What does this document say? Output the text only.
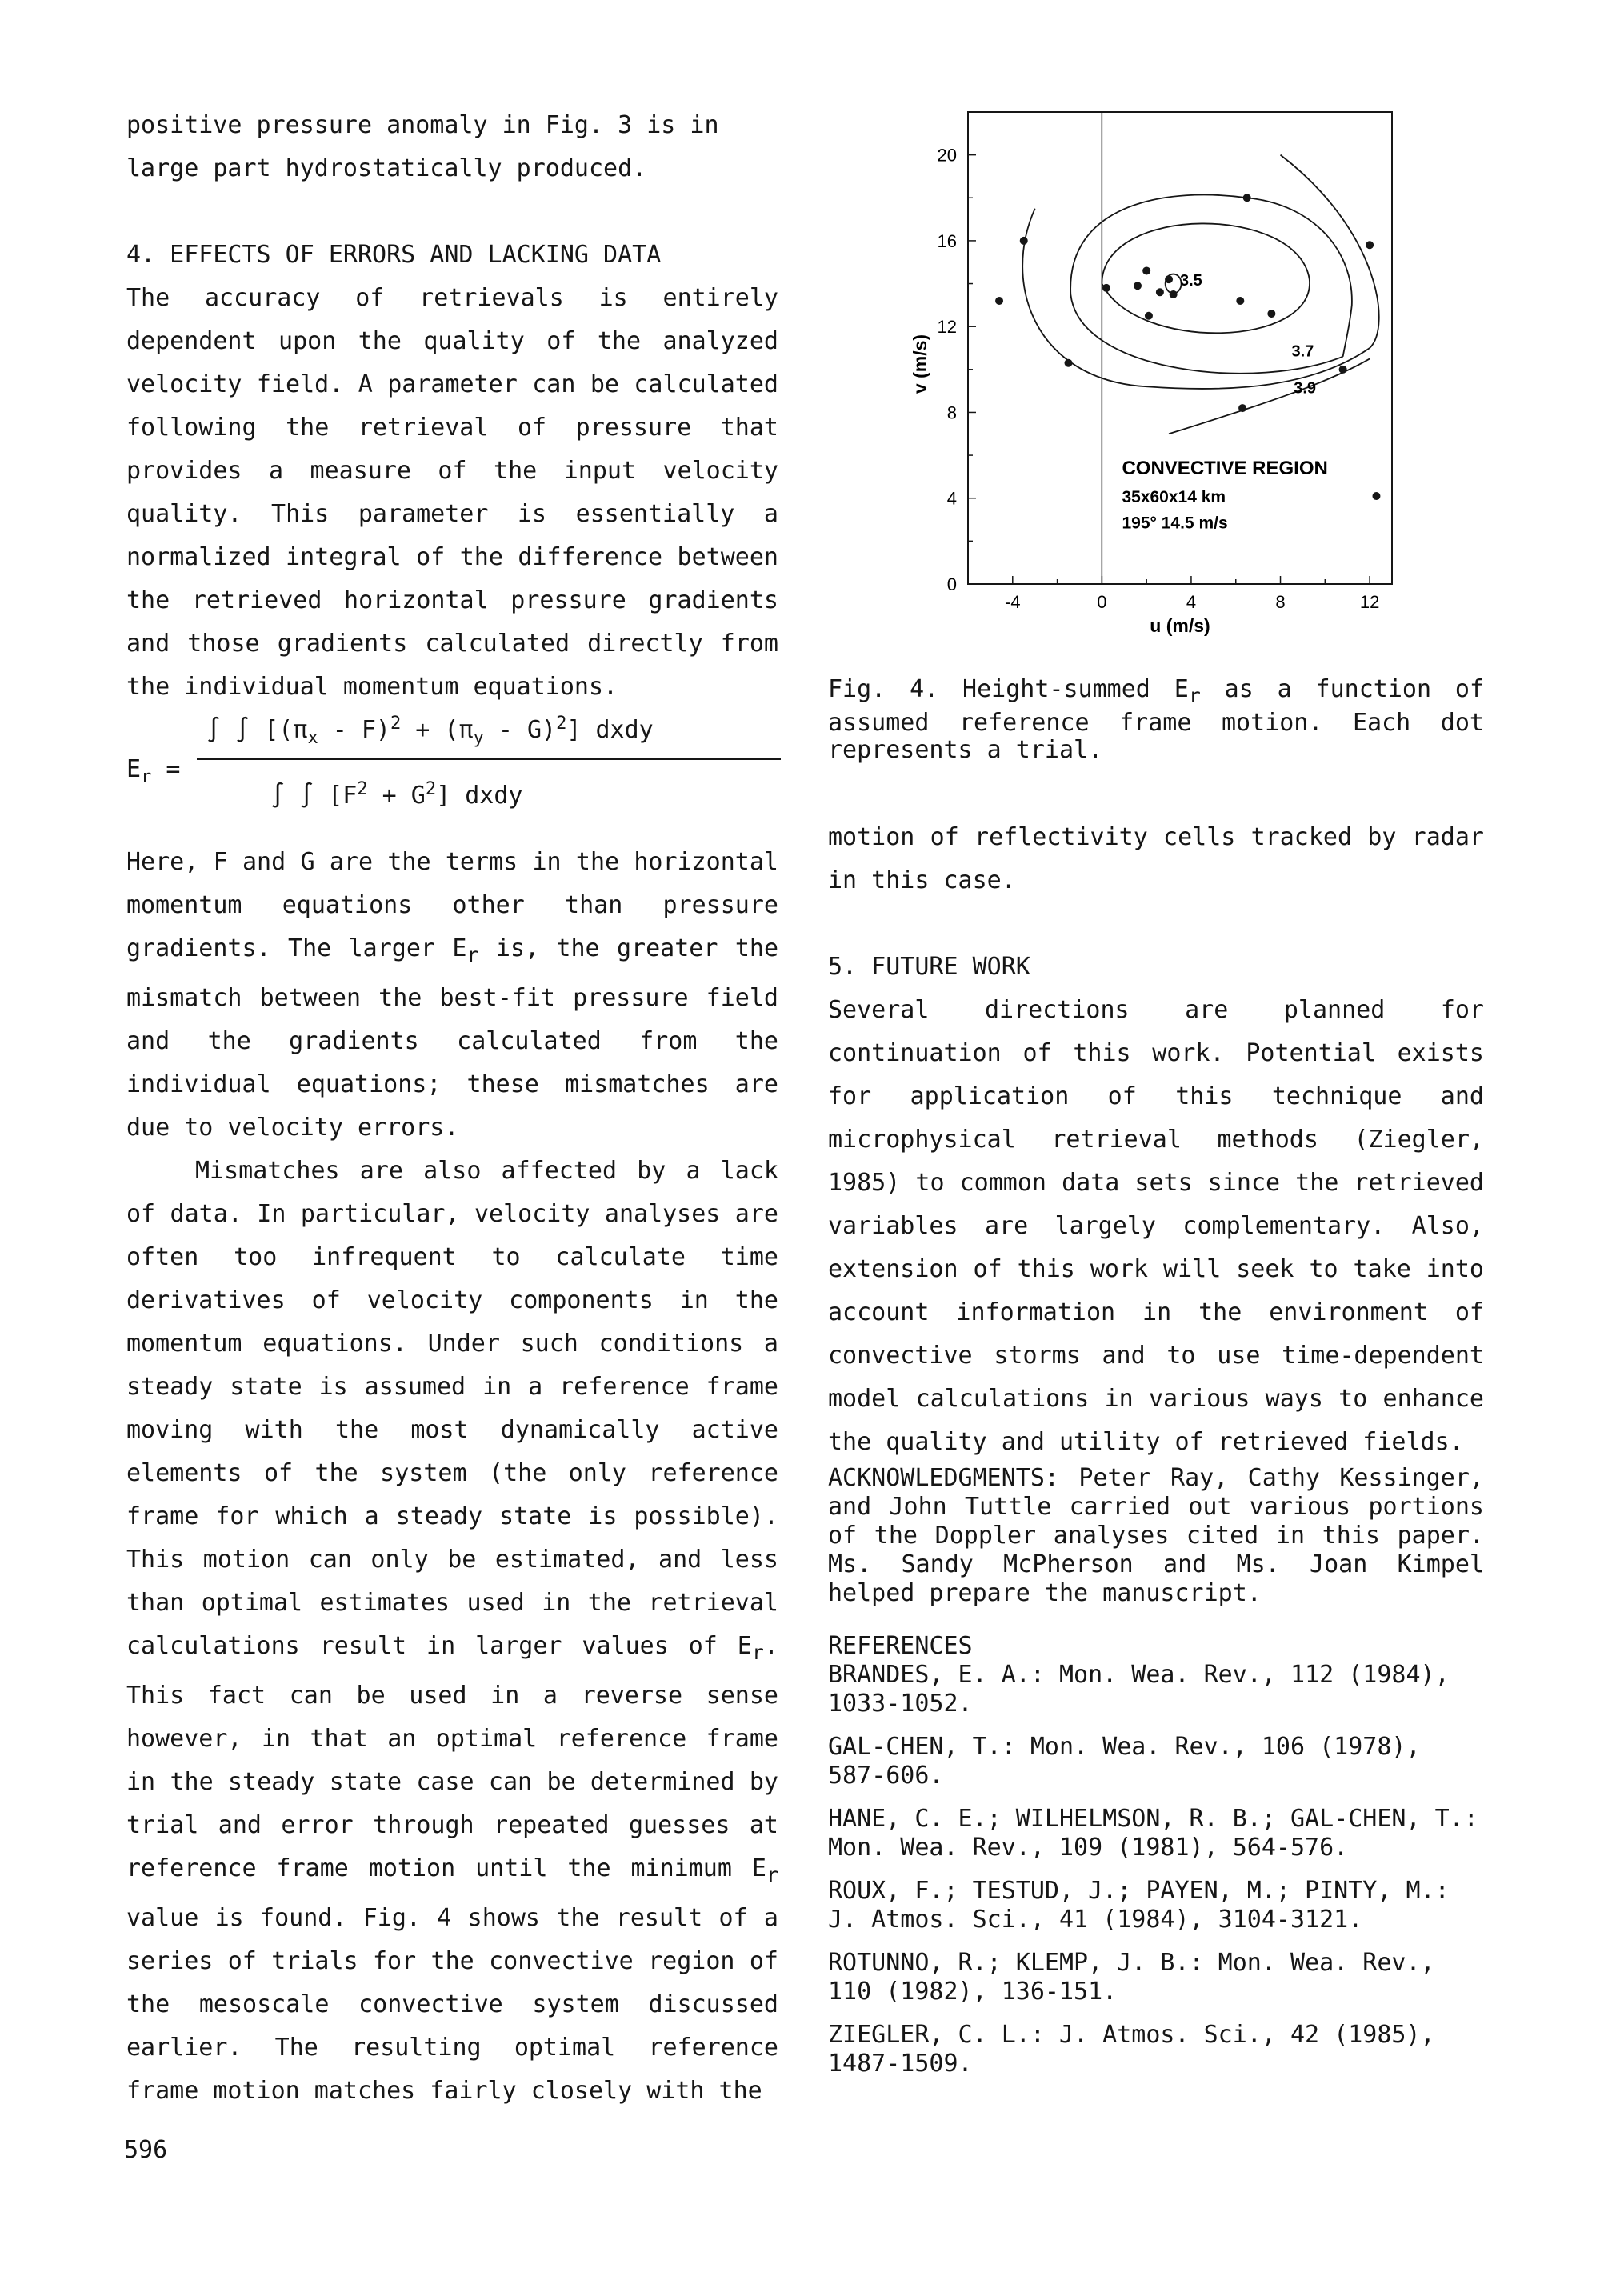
positive pressure anomaly in Fig. 3 is in

large part hydrostatically produced.

4. EFFECTS OF ERRORS AND LACKING DATA

The accuracy of retrievals is entirely dependent upon the quality of the analyzed velocity field. A parameter can be calculated following the retrieval of pressure that provides a measure of the input velocity quality. This parameter is essentially a normalized integral of the difference between the retrieved horizontal pressure gradients and those gradients calculated directly from the individual momentum equations.

$E_r$ =
∫ ∫ $[(\pi_x - F)^2 + (\pi_y - G)^2]$ dxdy
∫ ∫ $[F^2 + G^2]$ dxdy

Here, F and G are the terms in the horizontal momentum equations other than pressure gradients. The larger $E_r$ is, the greater the mismatch between the best-fit pressure field and the gradients calculated from the individual equations; these mismatches are due to velocity errors.

Mismatches are also affected by a lack of data. In particular, velocity analyses are often too infrequent to calculate time derivatives of velocity components in the momentum equations. Under such conditions a steady state is assumed in a reference frame moving with the most dynamically active elements of the system (the only reference frame for which a steady state is possible). This motion can only be estimated, and less than optimal estimates used in the retrieval calculations result in larger values of $E_r$. This fact can be used in a reverse sense however, in that an optimal reference frame in the steady state case can be determined by trial and error through repeated guesses at reference frame motion until the minimum $E_r$ value is found. Fig. 4 shows the result of a series of trials for the convective region of the mesoscale convective system discussed earlier. The resulting optimal reference frame motion matches fairly closely with the

-4	0	4	8	12
0
4
8
12
16
20
u (m/s)
v (m/s)
3.5
3.7
3.9
CONVECTIVE REGION
35x60x14 km
195° 14.5 m/s

Fig. 4. Height-summed $E_r$ as a function of assumed reference frame motion. Each dot represents a trial.

motion of reflectivity cells tracked by radar in this case.

5. FUTURE WORK

Several directions are planned for continuation of this work. Potential exists for application of this technique and microphysical retrieval methods (Ziegler, 1985) to common data sets since the retrieved variables are largely complementary. Also, extension of this work will seek to take into account information in the environment of convective storms and to use time-dependent model calculations in various ways to enhance the quality and utility of retrieved fields.

ACKNOWLEDGMENTS: Peter Ray, Cathy Kessinger, and John Tuttle carried out various portions of the Doppler analyses cited in this paper. Ms. Sandy McPherson and Ms. Joan Kimpel helped prepare the manuscript.

REFERENCES

BRANDES, E. A.: Mon. Wea. Rev., 112 (1984), 1033-1052.

GAL-CHEN, T.: Mon. Wea. Rev., 106 (1978), 587-606.

HANE, C. E.; WILHELMSON, R. B.; GAL-CHEN, T.: Mon. Wea. Rev., 109 (1981), 564-576.

ROUX, F.; TESTUD, J.; PAYEN, M.; PINTY, M.: J. Atmos. Sci., 41 (1984), 3104-3121.

ROTUNNO, R.; KLEMP, J. B.: Mon. Wea. Rev., 110 (1982), 136-151.

ZIEGLER, C. L.: J. Atmos. Sci., 42 (1985), 1487-1509.

596
